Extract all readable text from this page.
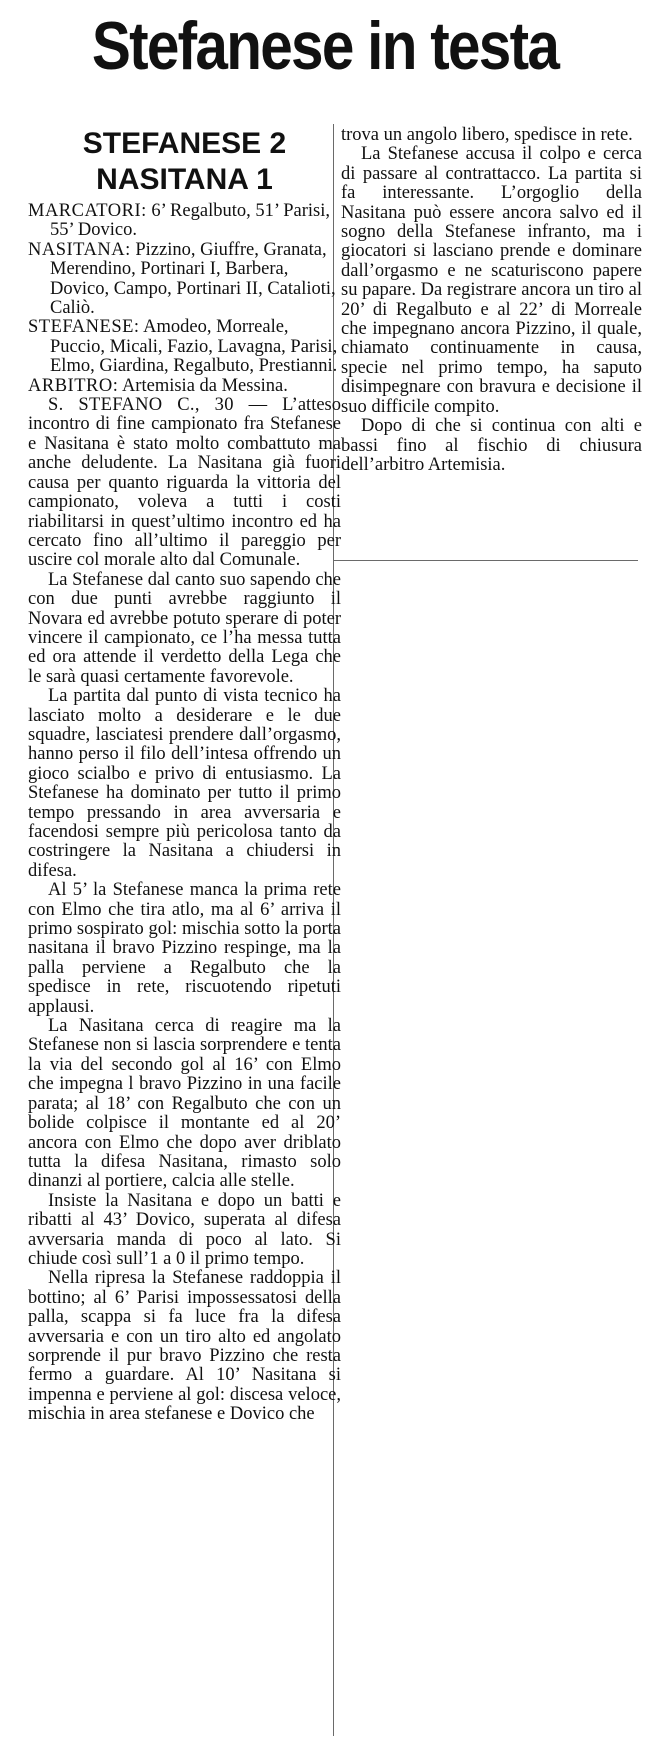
Stefanese in testa
STEFANESE 2
NASITANA 1
MARCATORI: 6’ Regalbuto, 51’ Parisi, 55’ Dovico.
NASITANA: Pizzino, Giuffre, Granata, Merendino, Portinari I, Barbera, Dovico, Campo, Portinari II, Catalioti, Caliò.
STEFANESE: Amodeo, Morreale, Puccio, Micali, Fazio, Lavagna, Parisi, Elmo, Giardina, Regalbuto, Prestianni.
ARBITRO: Artemisia da Messina.

S. STEFANO C., 30 — L’atteso incontro di fine campionato fra Stefanese e Nasitana è stato molto combattuto ma anche deludente. La Nasitana già fuori causa per quanto riguarda la vittoria del campionato, voleva a tutti i costi riabilitarsi in quest’ultimo incontro ed ha cercato fino all’ultimo il pareggio per uscire col morale alto dal Comunale.

La Stefanese dal canto suo sapendo che con due punti avrebbe raggiunto il Novara ed avrebbe potuto sperare di poter vincere il campionato, ce l’ha messa tutta ed ora attende il verdetto della Lega che le sarà quasi certamente favorevole.

La partita dal punto di vista tecnico ha lasciato molto a desiderare e le due squadre, lasciatesi prendere dall’orgasmo, hanno perso il filo dell’intesa offrendo un gioco scialbo e privo di entusiasmo. La Stefanese ha dominato per tutto il primo tempo pressando in area avversaria e facendosi sempre più pericolosa tanto da costringere la Nasitana a chiudersi in difesa.

Al 5’ la Stefanese manca la prima rete con Elmo che tira atlo, ma al 6’ arriva il primo sospirato gol: mischia sotto la porta nasitana il bravo Pizzino respinge, ma la palla perviene a Regalbuto che la spedisce in rete, riscuotendo ripetuti applausi.

La Nasitana cerca di reagire ma la Stefanese non si lascia sorprendere e tenta la via del secondo gol al 16’ con Elmo che impegna l bravo Pizzino in una facile parata; al 18’ con Regalbuto che con un bolide colpisce il montante ed al 20’ ancora con Elmo che dopo aver driblato tutta la difesa Nasitana, rimasto solo dinanzi al portiere, calcia alle stelle.

Insiste la Nasitana e dopo un batti e ribatti al 43’ Dovico, superata al difesa avversaria manda di poco al lato. Si chiude così sull’1 a 0 il primo tempo.

Nella ripresa la Stefanese raddoppia il bottino; al 6’ Parisi impossessatosi della palla, scappa si fa luce fra la difesa avversaria e con un tiro alto ed angolato sorprende il pur bravo Pizzino che resta fermo a guardare. Al 10’ Nasitana si impenna e perviene al gol: discesa veloce, mischia in area stefanese e Dovico che

trova un angolo libero, spedisce in rete.

La Stefanese accusa il colpo e cerca di passare al contrattacco. La partita si fa interessante. L’orgoglio della Nasitana può essere ancora salvo ed il sogno della Stefanese infranto, ma i giocatori si lasciano prende e dominare dall’orgasmo e ne scaturiscono papere su papare. Da registrare ancora un tiro al 20’ di Regalbuto e al 22’ di Morreale che impegnano ancora Pizzino, il quale, chiamato continuamente in causa, specie nel primo tempo, ha saputo disimpegnare con bravura e decisione il suo difficile compito.

Dopo di che si continua con alti e bassi fino al fischio di chiusura dell’arbitro Artemisia.
